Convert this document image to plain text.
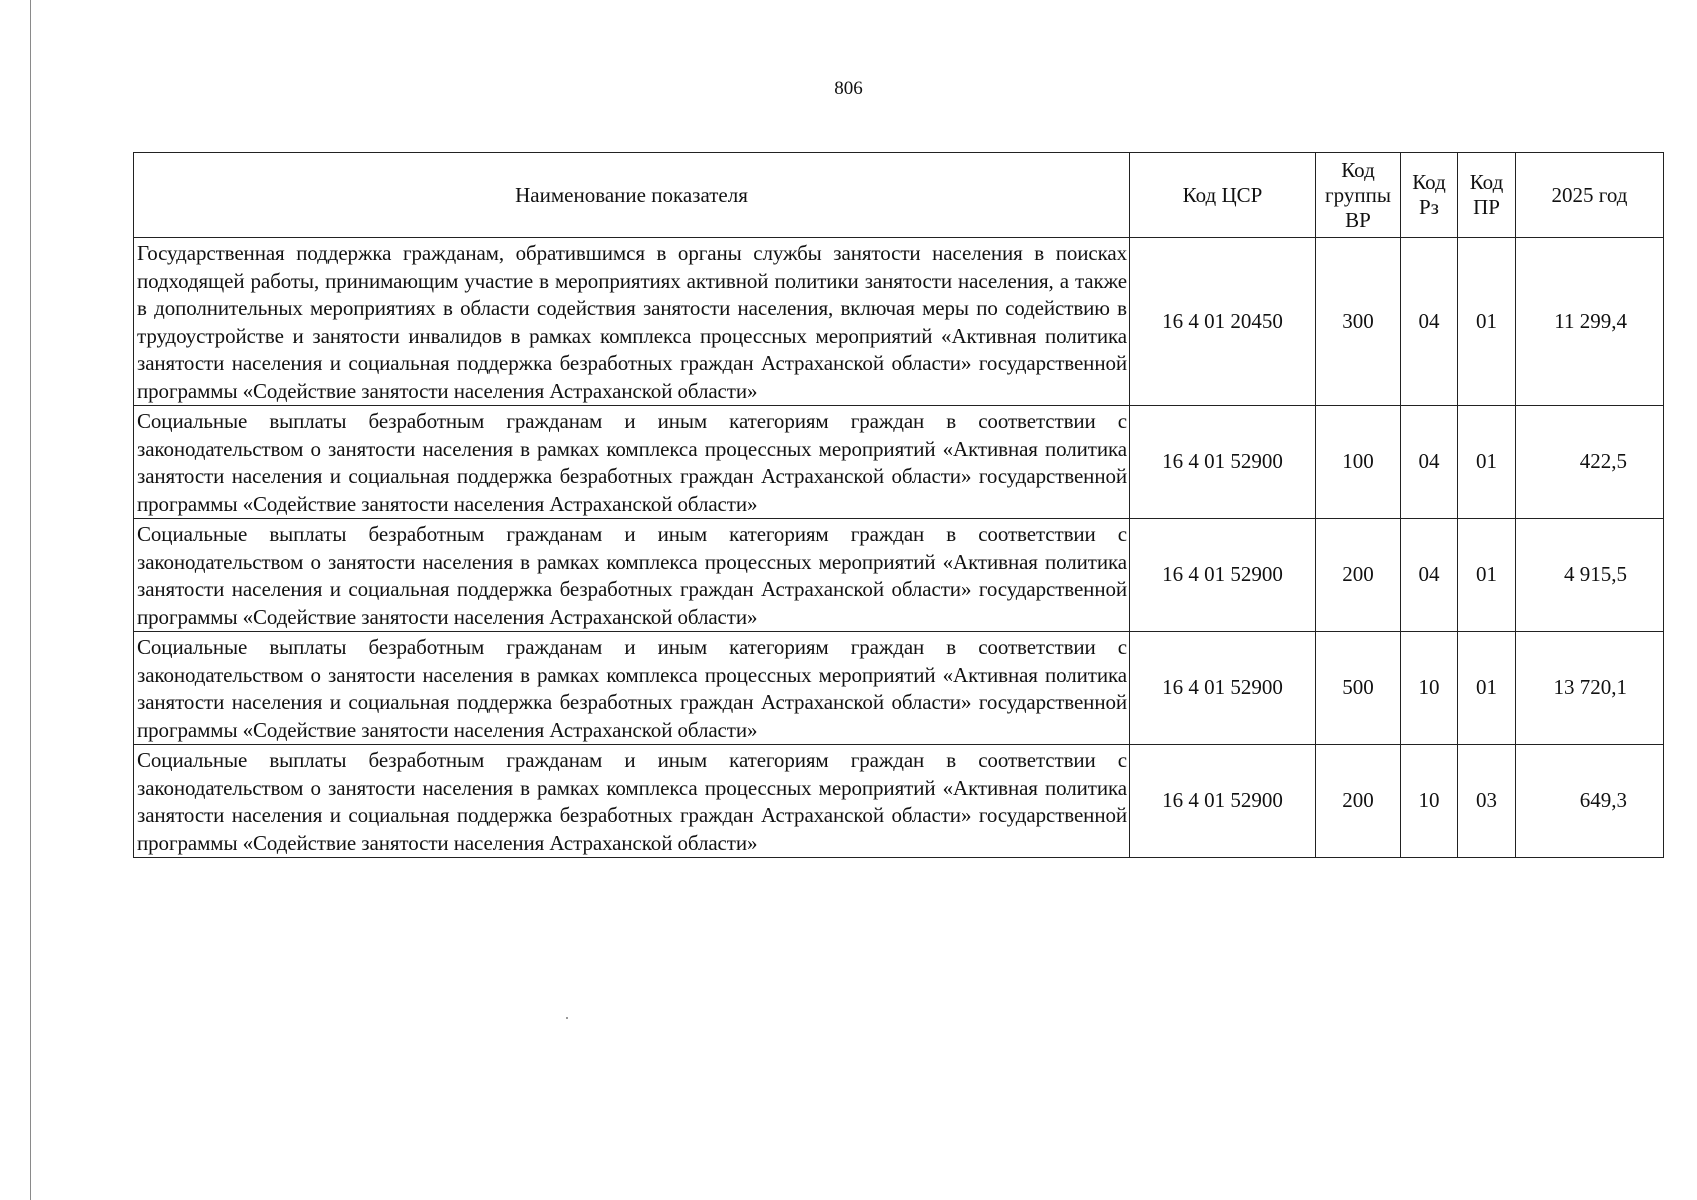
806
Наименование показателя	Код ЦСР	Код группы ВР	Код Рз	Код ПР	2025 год
Государственная поддержка гражданам, обратившимся в органы службы занятости населения в поисках подходящей работы, принимающим участие в мероприятиях активной политики занятости населения, а также в дополнительных мероприятиях в области содействия занятости населения, включая меры по содействию в трудоустройстве и занятости инвалидов в рамках комплекса процессных мероприятий «Активная политика занятости населения и социальная поддержка безработных граждан Астраханской области» государственной программы «Содействие занятости населения Астраханской области»	16 4 01 20450	300	04	01	11 299,4
Социальные выплаты безработным гражданам и иным категориям граждан в соответствии с законодательством о занятости населения в рамках комплекса процессных мероприятий «Активная политика занятости населения и социальная поддержка безработных граждан Астраханской области» государственной программы «Содействие занятости населения Астраханской области»	16 4 01 52900	100	04	01	422,5
Социальные выплаты безработным гражданам и иным категориям граждан в соответствии с законодательством о занятости населения в рамках комплекса процессных мероприятий «Активная политика занятости населения и социальная поддержка безработных граждан Астраханской области» государственной программы «Содействие занятости населения Астраханской области»	16 4 01 52900	200	04	01	4 915,5
Социальные выплаты безработным гражданам и иным категориям граждан в соответствии с законодательством о занятости населения в рамках комплекса процессных мероприятий «Активная политика занятости населения и социальная поддержка безработных граждан Астраханской области» государственной программы «Содействие занятости населения Астраханской области»	16 4 01 52900	500	10	01	13 720,1
Социальные выплаты безработным гражданам и иным категориям граждан в соответствии с законодательством о занятости населения в рамках комплекса процессных мероприятий «Активная политика занятости населения и социальная поддержка безработных граждан Астраханской области» государственной программы «Содействие занятости населения Астраханской области»	16 4 01 52900	200	10	03	649,3
